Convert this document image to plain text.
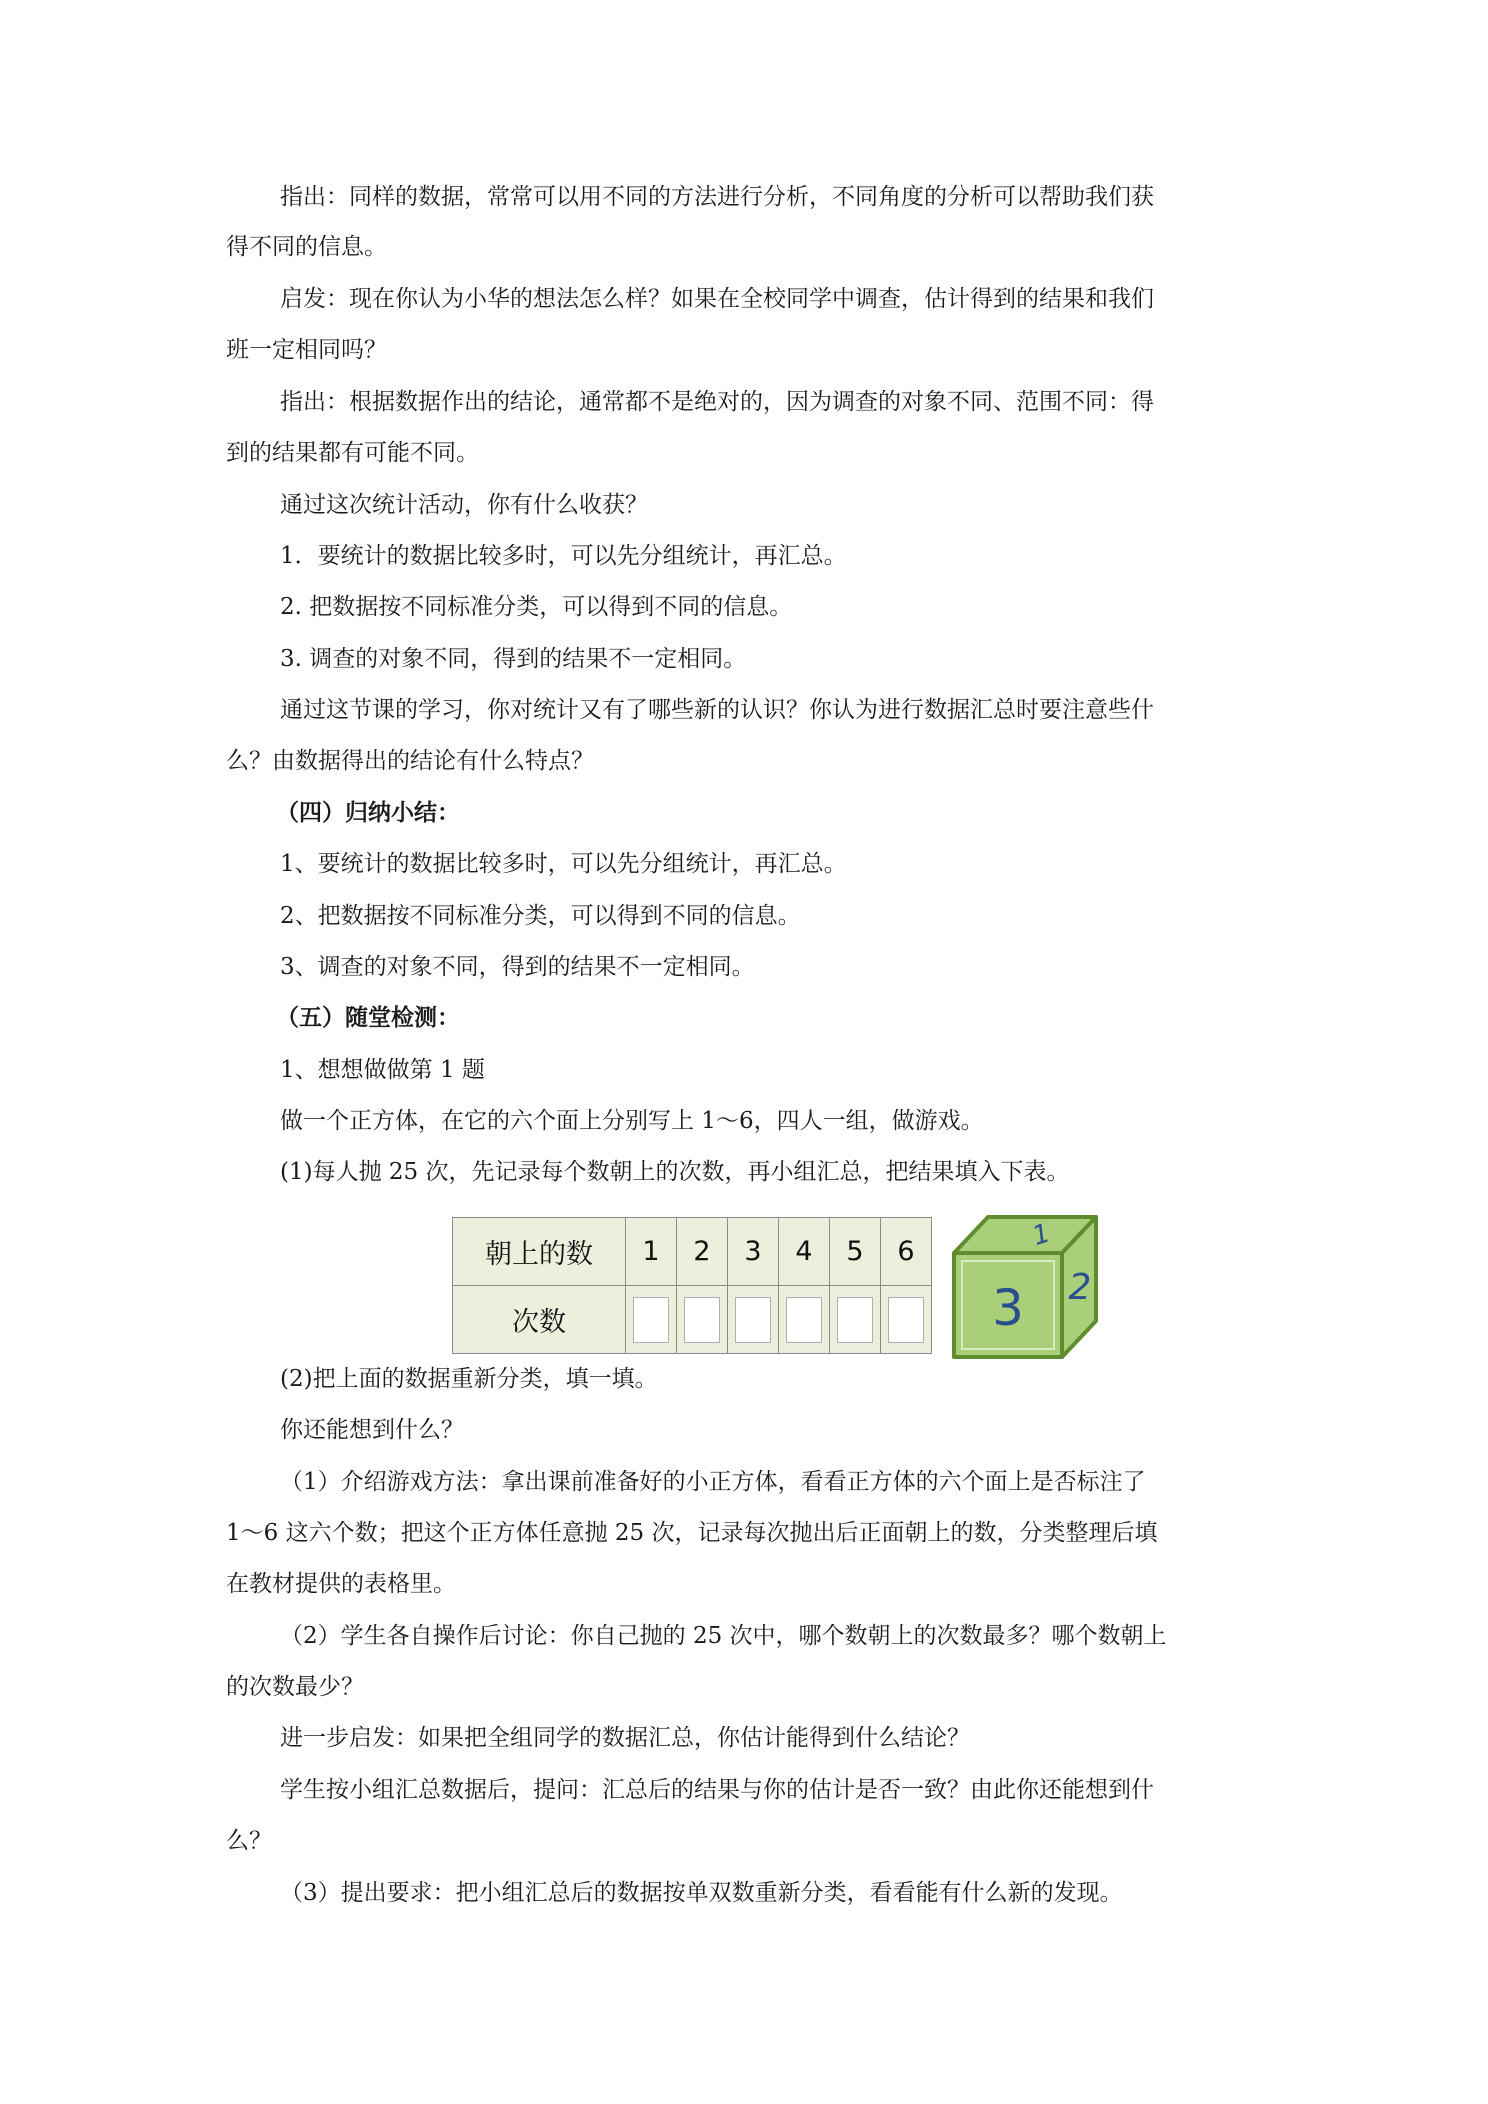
指出：同样的数据，常常可以用不同的方法进行分析，不同角度的分析可以帮助我们获
得不同的信息。
启发：现在你认为小华的想法怎么样？如果在全校同学中调查，估计得到的结果和我们
班一定相同吗？
指出：根据数据作出的结论，通常都不是绝对的，因为调查的对象不同、范围不同：得
到的结果都有可能不同。
通过这次统计活动，你有什么收获？
1．要统计的数据比较多时，可以先分组统计，再汇总。
2. 把数据按不同标准分类，可以得到不同的信息。
3. 调查的对象不同，得到的结果不一定相同。
通过这节课的学习，你对统计又有了哪些新的认识？你认为进行数据汇总时要注意些什
么？由数据得出的结论有什么特点？
（四）归纳小结：
1、要统计的数据比较多时，可以先分组统计，再汇总。
2、把数据按不同标准分类，可以得到不同的信息。
3、调查的对象不同，得到的结果不一定相同。
（五）随堂检测：
1、想想做做第 1 题
做一个正方体，在它的六个面上分别写上 1～6，四人一组，做游戏。
(1)每人抛 25 次，先记录每个数朝上的次数，再小组汇总，把结果填入下表。
朝上的数	1	2	3	4	5	6
次数							3
1
2
(2)把上面的数据重新分类，填一填。
你还能想到什么？
（1）介绍游戏方法：拿出课前准备好的小正方体，看看正方体的六个面上是否标注了
1～6 这六个数；把这个正方体任意抛 25 次，记录每次抛出后正面朝上的数，分类整理后填
在教材提供的表格里。
（2）学生各自操作后讨论：你自己抛的 25 次中，哪个数朝上的次数最多？哪个数朝上
的次数最少？
进一步启发：如果把全组同学的数据汇总，你估计能得到什么结论？
学生按小组汇总数据后，提问：汇总后的结果与你的估计是否一致？由此你还能想到什
么？
（3）提出要求：把小组汇总后的数据按单双数重新分类，看看能有什么新的发现。
